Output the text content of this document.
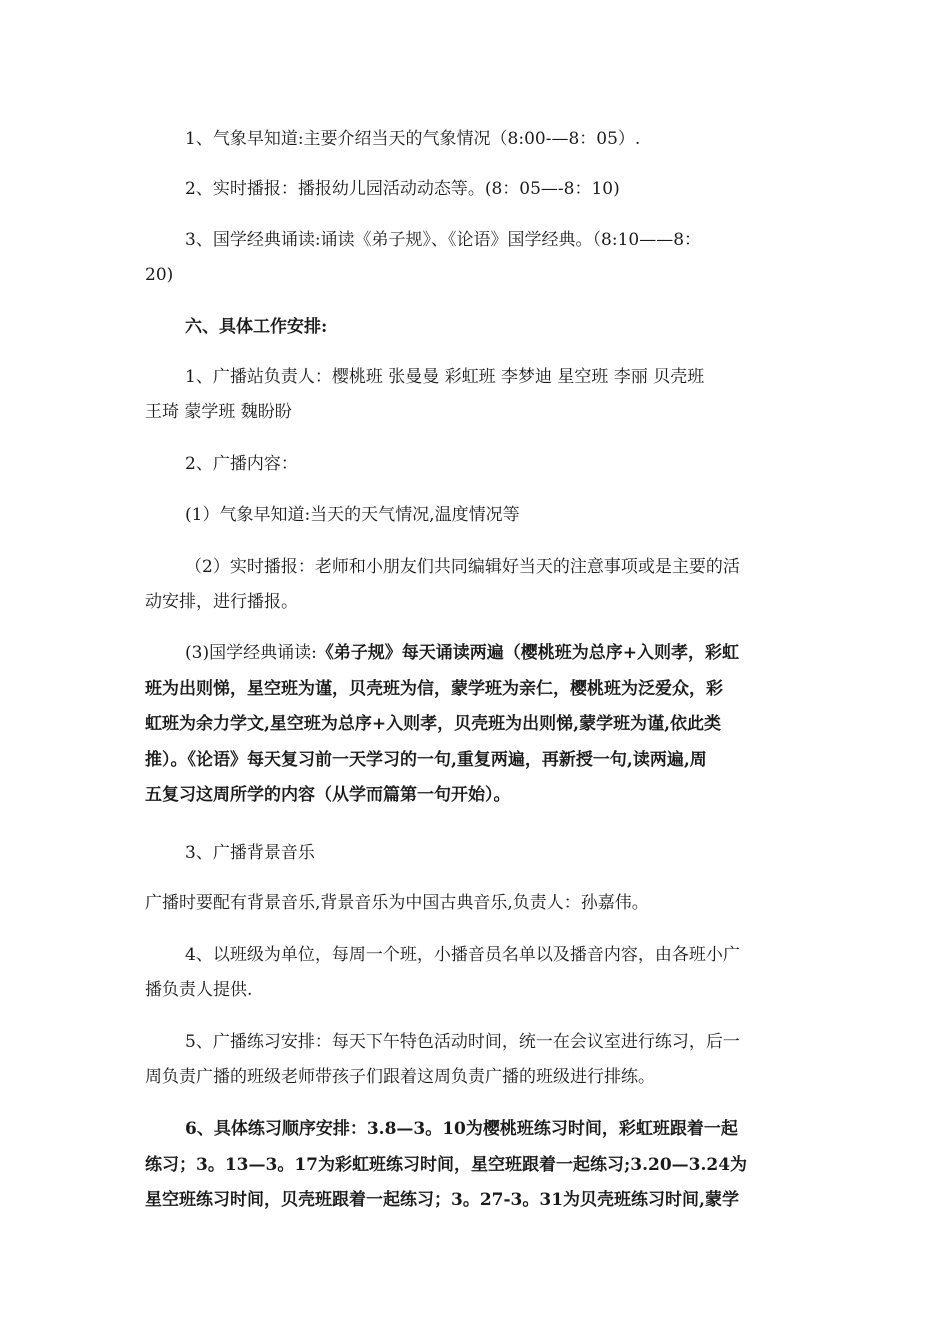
1、气象早知道:主要介绍当天的气象情况（8:00-—8：05）.
2、实时播报：播报幼儿园活动动态等。(8：05—-8：10)
3、国学经典诵读:诵读《弟子规》、《论语》国学经典。（8:10——8：
20)
六、具体工作安排:
1、广播站负责人：樱桃班 张曼曼 彩虹班 李梦迪 星空班 李丽 贝壳班
王琦 蒙学班 魏盼盼
2、广播内容：
(1）气象早知道:当天的天气情况,温度情况等
（2）实时播报：老师和小朋友们共同编辑好当天的注意事项或是主要的活
动安排，进行播报。
(3)国学经典诵读:《弟子规》每天诵读两遍（樱桃班为总序+入则孝，彩虹
班为出则悌，星空班为谨，贝壳班为信，蒙学班为亲仁，樱桃班为泛爱众，彩
虹班为余力学文,星空班为总序+入则孝，贝壳班为出则悌,蒙学班为谨,依此类
推）。《论语》每天复习前一天学习的一句,重复两遍，再新授一句,读两遍,周
五复习这周所学的内容（从学而篇第一句开始）。
3、广播背景音乐
广播时要配有背景音乐,背景音乐为中国古典音乐,负责人：孙嘉伟。
4、以班级为单位，每周一个班，小播音员名单以及播音内容，由各班小广
播负责人提供.
5、广播练习安排：每天下午特色活动时间，统一在会议室进行练习，后一
周负责广播的班级老师带孩子们跟着这周负责广播的班级进行排练。
6、具体练习顺序安排：3.8—3。10为樱桃班练习时间，彩虹班跟着一起
练习；3。13—3。17为彩虹班练习时间，星空班跟着一起练习;3.20—3.24为
星空班练习时间，贝壳班跟着一起练习；3。27-3。31为贝壳班练习时间,蒙学
